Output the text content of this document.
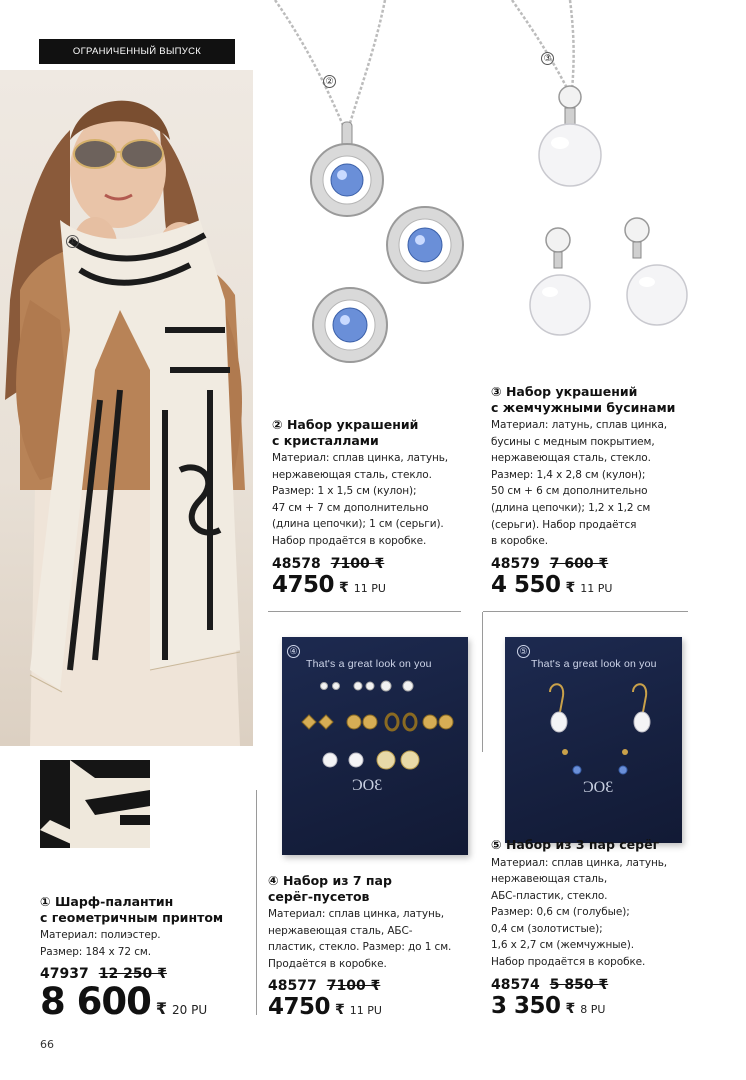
ОГРАНИЧЕННЫЙ ВЫПУСК
①
②
③
② Набор украшений
с кристаллами
Материал: сплав цинка, латунь,
нержавеющая сталь, стекло.
Размер: 1 x 1,5 см (кулон);
47 см + 7 см дополнительно
(длина цепочки); 1 см (серьги).
Набор продаётся в коробке.
48578 7100 ₹
4750 ₹ 11 PU
③ Набор украшений
с жемчужными бусинами
Материал: латунь, сплав цинка,
бусины с медным покрытием,
нержавеющая сталь, стекло.
Размер: 1,4 x 2,8 см (кулон);
50 см + 6 см дополнительно
(длина цепочки); 1,2 x 1,2 см
(серьги). Набор продаётся
в коробке.
48579 7 600 ₹
4 550 ₹ 11 PU
④
That's a great look on you
ƆOƐ
⑤
That's a great look on you
ƆOƐ
④ Набор из 7 пар
серёг-пусетов
Материал: сплав цинка, латунь,
нержавеющая сталь, АБС-
пластик, стекло. Размер: до 1 см.
Продаётся в коробке.
48577 7100 ₹
4750 ₹ 11 PU
⑤ Набор из 3 пар серёг
Материал: сплав цинка, латунь,
нержавеющая сталь,
АБС-пластик, стекло.
Размер: 0,6 см (голубые);
0,4 см (золотистые);
1,6 x 2,7 см (жемчужные).
Набор продаётся в коробке.
48574 5 850 ₹
3 350 ₹ 8 PU
① Шарф-палантин
с геометричным принтом
Материал: полиэстер.
Размер: 184 x 72 см.
47937 12 250 ₹
8 600 ₹ 20 PU
66
